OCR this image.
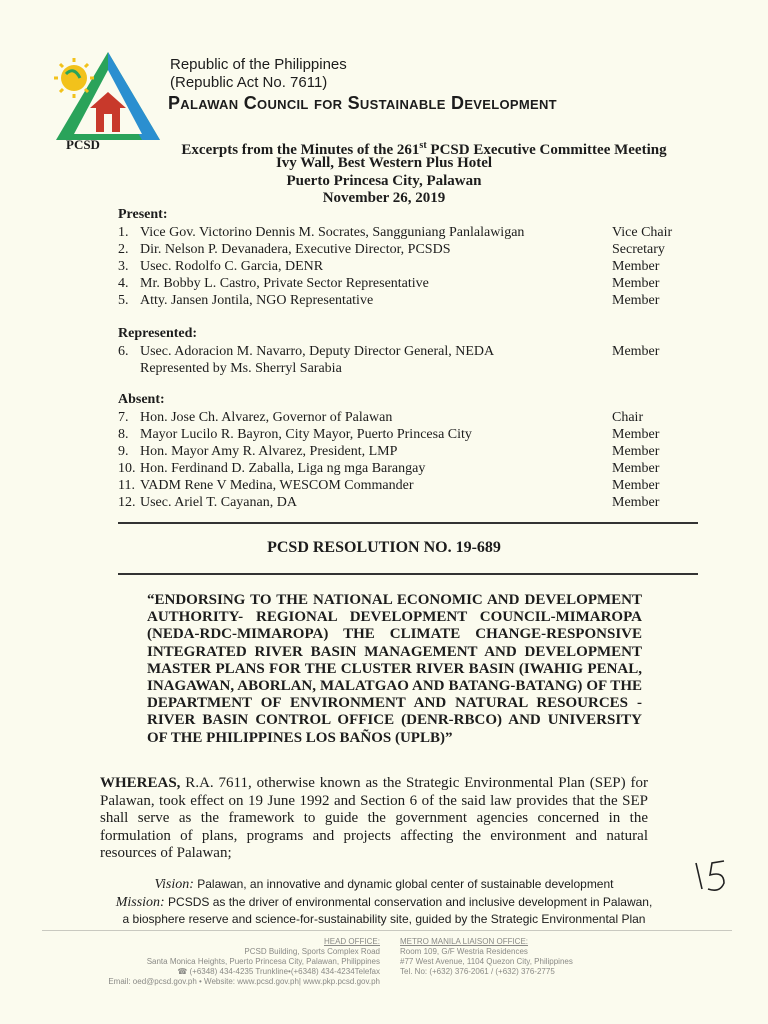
PCSD
Republic of the Philippines
(Republic Act No. 7611)
Palawan Council for Sustainable Development
Excerpts from the Minutes of the 261st PCSD Executive Committee Meeting
Ivy Wall, Best Western Plus Hotel
Puerto Princesa City, Palawan
November 26, 2019
Present:
1. Vice Gov. Victorino Dennis M. Socrates, Sangguniang Panlalawigan	Vice Chair
2. Dir. Nelson P. Devanadera, Executive Director, PCSDS	Secretary
3. Usec. Rodolfo C. Garcia, DENR	Member
4. Mr. Bobby L. Castro, Private Sector Representative	Member
5. Atty. Jansen Jontila, NGO Representative	Member
Represented:
6. Usec. Adoracion M. Navarro, Deputy Director General, NEDA	Member
Represented by Ms. Sherryl Sarabia
Absent:
7. Hon. Jose Ch. Alvarez, Governor of Palawan	Chair
8. Mayor Lucilo R. Bayron, City Mayor, Puerto Princesa City	Member
9. Hon. Mayor Amy R. Alvarez, President, LMP	Member
10. Hon. Ferdinand D. Zaballa, Liga ng mga Barangay	Member
11. VADM Rene V Medina, WESCOM Commander	Member
12. Usec. Ariel T. Cayanan, DA	Member
PCSD RESOLUTION NO. 19-689
“ENDORSING TO THE NATIONAL ECONOMIC AND DEVELOPMENT AUTHORITY- REGIONAL DEVELOPMENT COUNCIL-MIMAROPA (NEDA-RDC-MIMAROPA) THE CLIMATE CHANGE-RESPONSIVE INTEGRATED RIVER BASIN MANAGEMENT AND DEVELOPMENT MASTER PLANS FOR THE CLUSTER RIVER BASIN (IWAHIG PENAL, INAGAWAN, ABORLAN, MALATGAO AND BATANG-BATANG) OF THE DEPARTMENT OF ENVIRONMENT AND NATURAL RESOURCES - RIVER BASIN CONTROL OFFICE (DENR-RBCO) AND UNIVERSITY OF THE PHILIPPINES LOS BAÑOS (UPLB)”
WHEREAS, R.A. 7611, otherwise known as the Strategic Environmental Plan (SEP) for Palawan, took effect on 19 June 1992 and Section 6 of the said law provides that the SEP shall serve as the framework to guide the government agencies concerned in the formulation of plans, programs and projects affecting the environment and natural resources of Palawan;
Vision: Palawan, an innovative and dynamic global center of sustainable development
Mission: PCSDS as the driver of environmental conservation and inclusive development in Palawan,
a biosphere reserve and science-for-sustainability site, guided by the Strategic Environmental Plan
HEAD OFFICE:
PCSD Building, Sports Complex Road
Santa Monica Heights, Puerto Princesa City, Palawan, Philippines
☎ (+6348) 434-4235 Trunkline•(+6348) 434-4234Telefax
Email: oed@pcsd.gov.ph • Website: www.pcsd.gov.ph| www.pkp.pcsd.gov.ph
METRO MANILA LIAISON OFFICE:
Room 109, G/F Westria Residences
#77 West Avenue, 1104 Quezon City, Philippines
Tel. No: (+632) 376-2061 / (+632) 376-2775
